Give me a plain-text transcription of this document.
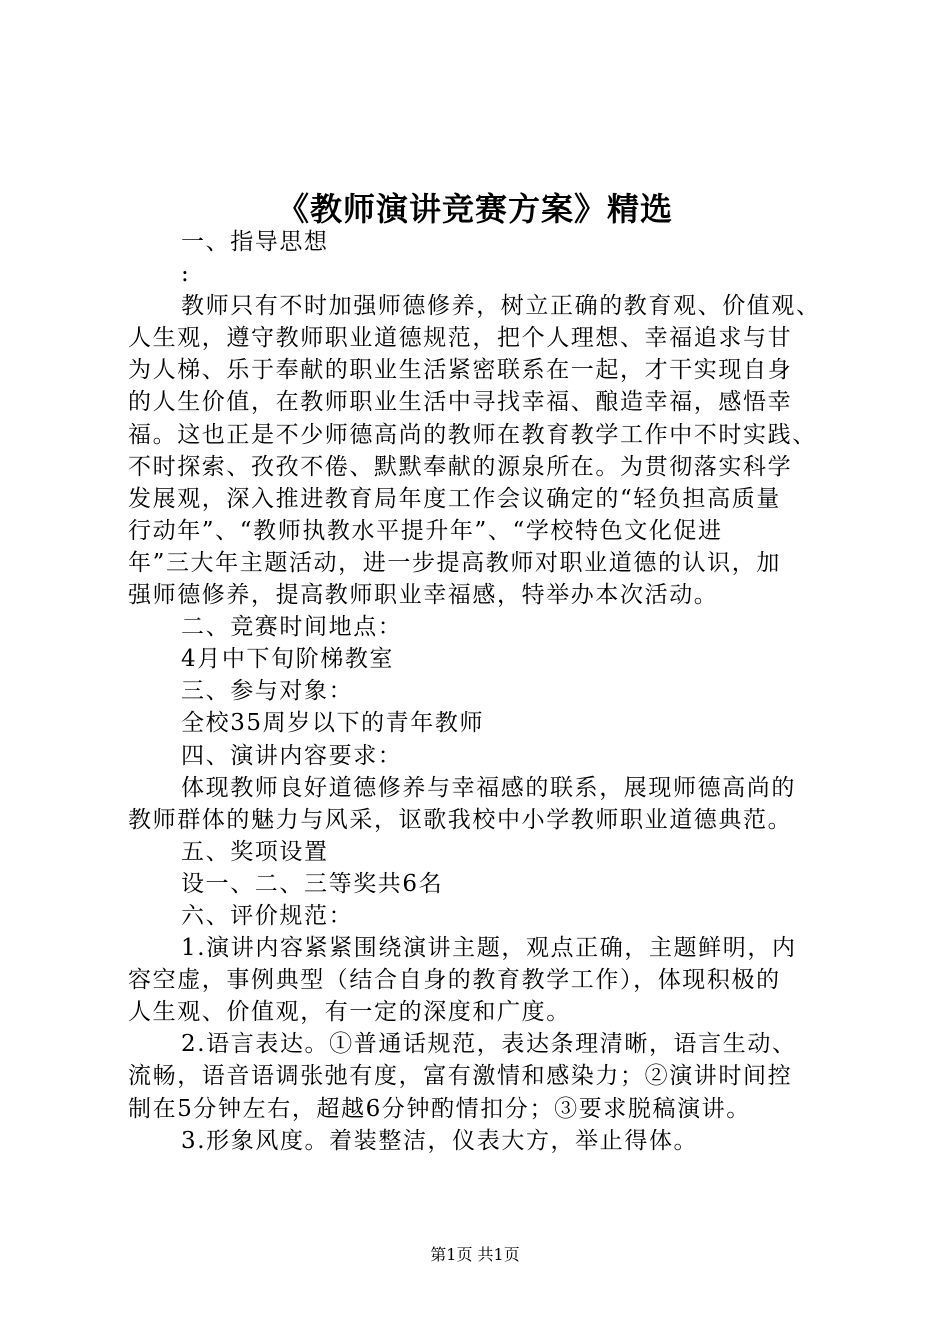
《教师演讲竞赛方案》精选
一、指导思想
:
教师只有不时加强师德修养，树立正确的教育观、价值观、
人生观，遵守教师职业道德规范，把个人理想、幸福追求与甘
为人梯、乐于奉献的职业生活紧密联系在一起，才干实现自身
的人生价值，在教师职业生活中寻找幸福、酿造幸福，感悟幸
福。这也正是不少师德高尚的教师在教育教学工作中不时实践、
不时探索、孜孜不倦、默默奉献的源泉所在。为贯彻落实科学
发展观，深入推进教育局年度工作会议确定的“轻负担高质量
行动年”、“教师执教水平提升年”、“学校特色文化促进
年”三大年主题活动，进一步提高教师对职业道德的认识，加
强师德修养，提高教师职业幸福感，特举办本次活动。
二、竞赛时间地点：
4月中下旬阶梯教室
三、参与对象：
全校35周岁以下的青年教师
四、演讲内容要求：
体现教师良好道德修养与幸福感的联系，展现师德高尚的
教师群体的魅力与风采，讴歌我校中小学教师职业道德典范。
五、奖项设置
设一、二、三等奖共6名
六、评价规范：
1.演讲内容紧紧围绕演讲主题，观点正确，主题鲜明，内
容空虚，事例典型（结合自身的教育教学工作），体现积极的
人生观、价值观，有一定的深度和广度。
2.语言表达。①普通话规范，表达条理清晰，语言生动、
流畅，语音语调张弛有度，富有激情和感染力；②演讲时间控
制在5分钟左右，超越6分钟酌情扣分；③要求脱稿演讲。
3.形象风度。着装整洁，仪表大方，举止得体。
第1页 共1页
